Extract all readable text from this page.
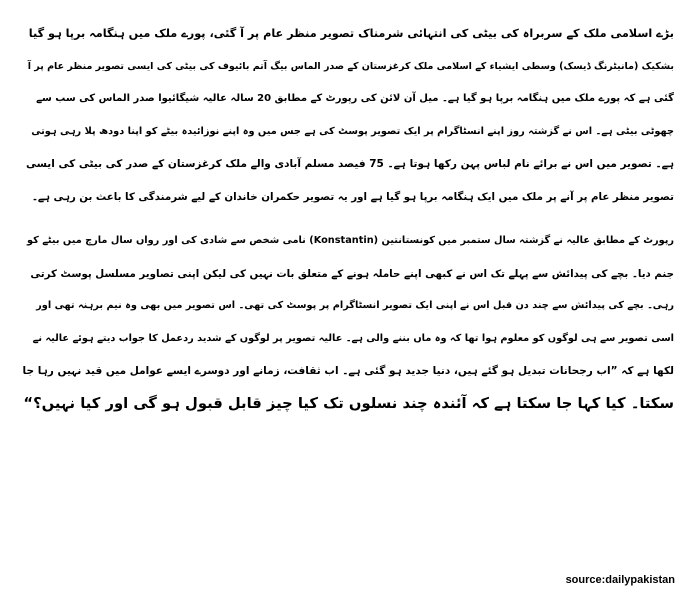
بڑے اسلامی ملک کے سربراہ کی بیٹی کی انتہائی شرمناک تصویر منظر عام پر آ گئی، پورے ملک میں ہنگامہ برپا ہو گیا
بشکیک (مانیٹرنگ ڈیسک) وسطی ایشیاء کے اسلامی ملک کرغزستان کے صدر الماس بیگ آتم بائیوف کی بیٹی کی ایسی تصویر منظر عام پر آ
گئی ہے کہ پورے ملک میں ہنگامہ برپا ہو گیا ہے۔ میل آن لائن کی رپورٹ کے مطابق 20 سالہ عالیہ شیگائیوا صدر الماس کی سب سے
چھوٹی بیٹی ہے۔ اس نے گزشتہ روز اپنے انسٹاگرام پر ایک تصویر پوسٹ کی ہے جس میں وہ اپنے نوزائیدہ بیٹے کو اپنا دودھ پلا رہی ہوتی
ہے۔ تصویر میں اس نے برائے نام لباس پہن رکھا ہوتا ہے۔ 75 فیصد مسلم آبادی والے ملک کرغزستان کے صدر کی بیٹی کی ایسی
تصویر منظر عام پر آنے پر ملک میں ایک ہنگامہ برپا ہو گیا ہے اور یہ تصویر حکمران خاندان کے لیے شرمندگی کا باعث بن رہی ہے۔
رپورٹ کے مطابق عالیہ نے گزشتہ سال ستمبر میں کونستانتین (Konstantin) نامی شخص سے شادی کی اور رواں سال مارچ میں بیٹے کو
جنم دیا۔ بچے کی پیدائش سے پہلے تک اس نے کبھی اپنے حاملہ ہونے کے متعلق بات نہیں کی لیکن اپنی تصاویر مسلسل پوسٹ کرتی
رہی۔ بچے کی پیدائش سے چند دن قبل اس نے اپنی ایک تصویر انسٹاگرام پر پوسٹ کی تھی۔ اس تصویر میں بھی وہ نیم برہنہ تھی اور
اسی تصویر سے ہی لوگوں کو معلوم ہوا تھا کہ وہ ماں بننے والی ہے۔ عالیہ تصویر پر لوگوں کے شدید ردعمل کا جواب دیتے ہوئے عالیہ نے
لکھا ہے کہ ”اب رجحانات تبدیل ہو گئے ہیں، دنیا جدید ہو گئی ہے۔ اب ثقافت، زمانے اور دوسرے ایسے عوامل میں قید نہیں رہا جا
سکتا۔ کیا کہا جا سکتا ہے کہ آئندہ چند نسلوں تک کیا چیز قابل قبول ہو گی اور کیا نہیں؟“
source:dailypakistan
